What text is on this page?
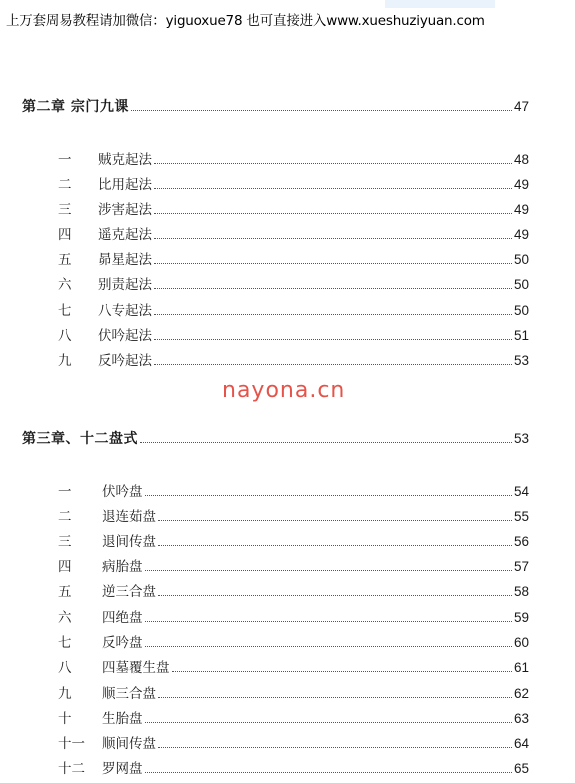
上万套周易教程请加微信：yiguoxue78 也可直接进入www.xueshuziyuan.com
第二章 宗门九课	47
一	贼克起法	48
二	比用起法	49
三	涉害起法	49
四	遥克起法	49
五	昴星起法	50
六	别责起法	50
七	八专起法	50
八	伏吟起法	51
九	反吟起法	53
nayona.cn
第三章、十二盘式	53
一	伏吟盘	54
二	退连茹盘	55
三	退间传盘	56
四	病胎盘	57
五	逆三合盘	58
六	四绝盘	59
七	反吟盘	60
八	四墓覆生盘	61
九	顺三合盘	62
十	生胎盘	63
十一	顺间传盘	64
十二	罗网盘	65
